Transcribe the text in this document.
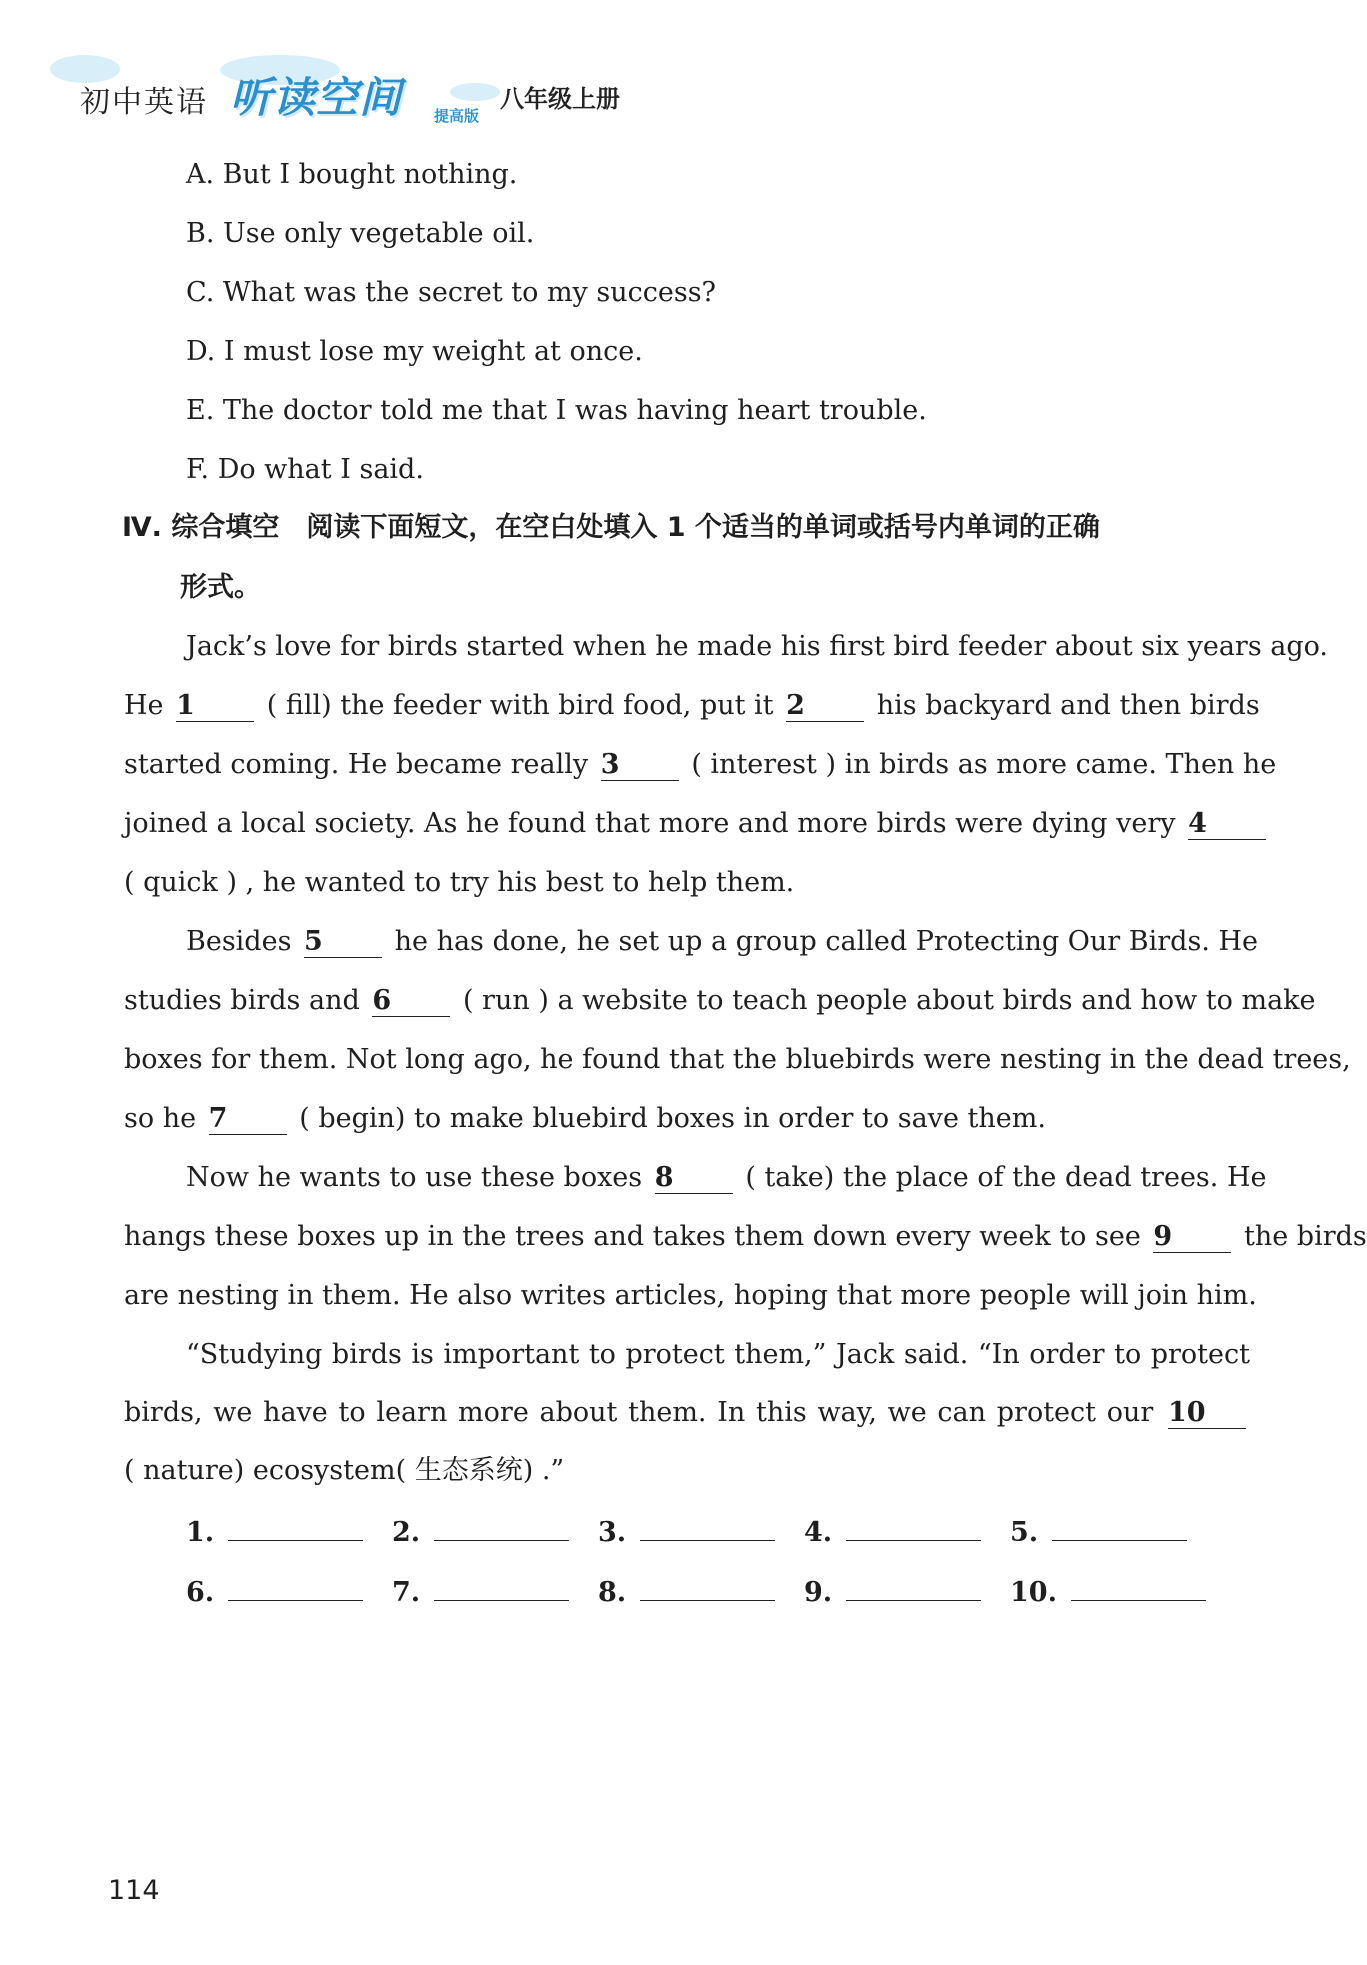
初中英语 听读空间 提高版
八年级上册
A. But I bought nothing.
B. Use only vegetable oil.
C. What was the secret to my success?
D. I must lose my weight at once.
E. The doctor told me that I was having heart trouble.
F. Do what I said.
Ⅳ. 综合填空　阅读下面短文，在空白处填入 1 个适当的单词或括号内单词的正确
形式。
Jack’s love for birds started when he made his first bird feeder about six years ago.
He 1	( fill) the feeder with bird food, put it 2	his backyard and then birds
started coming. He became really 3	( interest ) in birds as more came. Then he
joined a local society. As he found that more and more birds were dying very 4
( quick ) , he wanted to try his best to help them.
Besides 5	he has done, he set up a group called Protecting Our Birds. He
studies birds and 6	( run ) a website to teach people about birds and how to make
boxes for them. Not long ago, he found that the bluebirds were nesting in the dead trees,
so he 7	( begin) to make bluebird boxes in order to save them.
Now he wants to use these boxes 8	( take) the place of the dead trees. He
hangs these boxes up in the trees and takes them down every week to see 9	the birds
are nesting in them. He also writes articles, hoping that more people will join him.
“Studying birds is important to protect them,” Jack said. “In order to protect
birds, we have to learn more about them. In this way, we can protect our 10
( nature) ecosystem( 生态系统) .”
1.	2.	3.	4.	5.
6.	7.	8.	9.	10.
114
